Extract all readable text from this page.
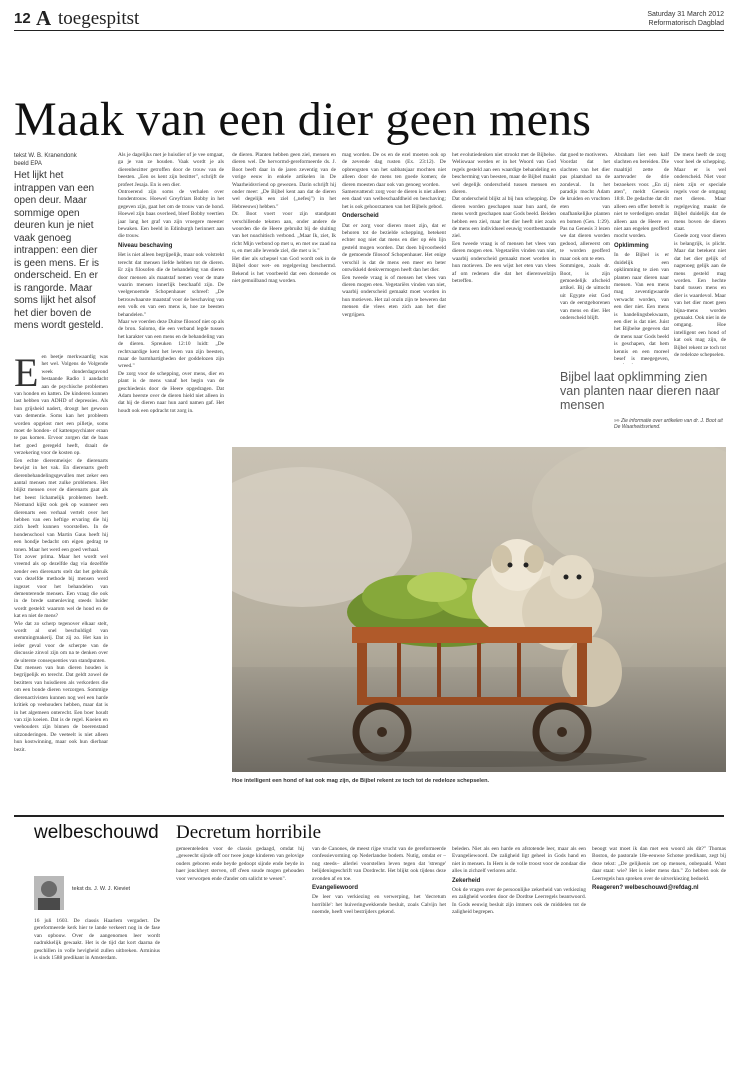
12 A toegespitst	Saturday 31 March 2012
Reformatorisch Dagblad
Maak van een dier geen mens
tekst W. B. Kranendonk
beeld EPA
Het lijkt het intrappen van een open deur. Maar sommige open deuren kun je niet vaak genoeg intrappen: een dier is geen mens. Er is onderscheid. En er is rangorde. Maar soms lijkt het alsof het dier boven de mens wordt gesteld.
E en beetje merkwaardig was het wel. Volgens de Volgende week donderdagavond bestaande Radio 1 aandacht aan de psychische problemen van honden en katten. De kinderen kunnen last hebben van ADHD of depressies. Als hun grijsheid nadert, droogt het gewoon van dementie. Soms kan het probleem worden opgelost met een pilletje, soms moet de honden- of kattenpsychiater eraan te pas komen. Ervoor zorgen dat de baas het goed geregeld heeft, draait de verzekering voor de kosten op.

Een echte dierenmeisje: de dierenarts bewijst in het vak. En dierenarts geeft dierenbehandelingsgevallen met zeker een aantal mensen met zulke problemen. Het blijkt mensen over de dierenarts gaat als het beest lichamelijk problemen heeft. Niemand kijkt ook gek op wanneer een dierenarts een verhaal vertelt over het hebben van een heftige ervaring die hij zich heeft kunnen voorstellen. In de hondenschool van Martin Gaus heeft hij een hondje bedacht om eigen gedrag te tonen. Maar het werd een goed verhaal.

Tot zover prima. Maar het wordt wel vreemd als op dezelfde dag via dezelfde zender een dierenarts stelt dat het gebruik van dezelfde methode bij mensen werd ingezet voor het behandelen van dementerende mensen. Een vraag die ook in de brede samenleving steeds luider wordt gesteld: waarom wel de hond en de kat en niet de mens?

Wie dat zo scherp tegenover elkaar stelt, wordt al snel beschuldigd van stemmingmakerij. Dat zij zo. Het kan in ieder geval voor de scherpte van de discussie zinvol zijn om na te denken over de uiterste consequenties van standpunten.

Dat mensen van hun dieren houden is begrijpelijk en terecht. Dat geldt zowel de bezitters van huisdieren als verkorders die om een bonde dieren verzorgen. Sommige dierenactivisten kunnen nog wel een harde kritiek op veehouders hebben, maar dat is in het algemeen onterecht. Een boer houdt van zijn koeien. Dat is de regel. Koeien en veehouders zijn binnen de boerenstand uitzonderingen. De veeteelt is niet alleen hun kostwinning, maar ook hun dierbaar bezit.

Als je dagelijks met je huisdier of je vee omgaat, ga je van ze houden. Vaak wordt je als dierenbezitter getroffen door de trouw van de beesten. „Een os kent zijn bezitter", schrijft de profeet Jesaja. En is een dier.

Ontroerend zijn soms de verhalen over hondentrouw. Hoewel Greyfriars Bobby in het gegeven zijn, gaat het om de trouw van de hond. Hoewel zijn baas overleed, bleef Bobby veertien jaar lang het graf van zijn vroegere meester bewaken. Een beeld in Edinburgh herinnert aan die trouw.

Niveau beschaving

Het is niet alleen begrijpelijk, maar ook volstrekt terecht dat mensen liefde hebben tot de dieren. Er zijn filosofen die de behandeling van dieren door mensen als maatstaf nemen voor de mate waarin mensen innerlijk beschaafd zijn. De veelgenoemde Schopenhauer schreef: „De betrouwbaarste maatstaf voor de beschaving van een volk en van een mens is, hoe ze beesten behandelen."

Maar we voerden deze Duitse filosoof niet op als de bron. Salomo, die een verband legde tussen het karakter van een mens en de behandeling van de dieren. Spreuken 12:10 luidt: „De rechtvaardige kent het leven van zijn beesten, maar de barmhartigheden der goddelozen zijn wreed."

De zorg voor de schepping, over mens, dier en plant is de mens vanaf het begin van de geschiedenis door de Heere opgedragen. Dat Adam heerste over de dieren hield niet alleen in dat hij de dieren naar hun aard namen gaf. Het houdt ook een opdracht tot zorg in.

de dieren. Planten hebben geen ziel, mensen en dieren wel. De hervormd-gereformeerde ds. J. Boot beeft daar in de jaren zeventig van de vorige eeuw in enkele artikelen in De Waarheidsvriend op gewezen. Darin schrijft hij onder meer: „De Bijbel kent aan dat de dieren wel degelijk een ziel („nefesj") in het Hebreeuws) hebben."

Dr. Boot voert voor zijn standpunt verschillende teksten aan, onder andere de woorden die de Heere gebruikt bij de sluiting van het noachitisch verbond. „Maar Ik, ziet, Ik richt Mijn verbond op met u, en met uw zaad na u, en met alle levende ziel, die met u is."

Het dier als schepsel van God wordt ook in de Bijbel door wet- en regelgeving beschermd. Bekend is het voorbeeld dat een dorsende os niet gemuilband mag worden.

mag worden. De os en de ezel moeten ook op de zevende dag rusten (Ex. 23:12). De opbrengsten van het sabbatsjaar mochten niet alleen door de mens ten goede komen; de dieren moesten daar ook van genoeg worden.

Samenvattend: zorg voor de dieren is niet alleen een daad van welbeschaafdheid en beschaving; het is ook gehoorzamen van het Bijbels gebod.

Onderscheid

Dat er zorg voor dieren moet zijn, dat er behoren tot de bezielde schepping, betekent echter nog niet dat mens en dier op één lijn gesteld mogen worden. Dat doen bijvoorbeeld de gemoende filosoof Schopenhauer. Het enige verschil is dat de mens een meer en beter ontwikkeld denkvermogen heeft dan het dier.

Een tweede vraag is of mensen het vlees van dieren mogen eten. Vegetariërs vinden van niet, waarbij onderscheid gemaakt moet worden in hun motieven. Het zal onzin zijn te beweren dat mensen die vlees eten zich aan het dier vergrijpen.

het evolutiedenken niet strookt met de Bijbelse. Weliswaar werden er in het Woord van God regels gesteld aan een waardige behandeling en bescherming van beesten, maar de Bijbel maakt wel degelijk onderscheid tussen mensen en dieren.

Dat onderscheid blijkt al bij hun schepping. De dieren worden geschapen naar hun aard, de mens wordt geschapen naar Gods beeld. Beiden hebben een ziel, maar het dier heeft niet zoals de mens een individueel eeuwig voortbestaande ziel.

Een tweede vraag is of mensen het vlees van dieren mogen eten. Vegetariërs vinden van niet, waarbij onderscheid gemaakt moet worden in hun motieven. De een wijst het eten van vlees af om redenen die dat het dierenwelzijn betreffen.

dat goed te motiveren.

Voordat dat het slachten van het dier pas plaatshad na de zondeval. In het paradijs mocht Adam de kruiden en vruchten eten van onafhankelijke planten en bomen (Gen. 1:29). Pas na Genesis 3 lezen we dat dieren worden gedood, allereerst om te worden geofferd maar ook om te eten.

Sommigen, zoals dr. Boot, is zijn gemoedelijk afscheid artikel. Bij de uittocht uit Egypte eist God van de eerstgeborenen van mens en dier. Het onderscheid blijft.

Abraham liet een kalf slachten en bereiden. Die maaltijd zette de aartsvader de drie bezoekers voor. „En zij aten", meldt Genesis 18:8. De gedachte dat dit alleen een offer betreft is niet te verdedigen omdat alleen aan de Heere en niet aan engelen geofferd mocht worden.

Opklimming

In de Bijbel is er duidelijk een opklimming te zien van planten naar dieren naar mensen. Van een mens mag zeventigwaarde verwacht worden, van een dier niet. Een mens is handelingsbekwaam, een dier is dat niet. Juist het Bijbelse gegeven dat de mens naar Gods beeld is geschapen, dat hem kennis en een moreel besef is meegegeven,

De mens heeft de zorg voor heel de schepping. Maar er is wel onderscheid. Niet voor niets zijn er speciale regels voor de omgang met dieren. Maar regelgeving maakt de Bijbel duidelijk dat de mens boven de dieren staat.

Goede zorg voor dieren is belangrijk, is plicht. Maar dat betekent niet dat het dier gelijk of nagenoeg gelijk aan de mens gesteld mag worden. Een hechte band tussen mens en dier is waardevol. Maar van het dier moet geen bijna-mens worden gemaakt. Ook niet in de omgang. Hoe intelligent een hond of kat ook mag zijn, de Bijbel rekent ze toch tot de redeloze schepselen.

Bijbel laat opklimming zien van planten naar dieren naar mensen
»» Zie informatie over artikelen van dr. J. Boot uit De Waarheidsvriend.
Hoe intelligent een hond of kat ook mag zijn, de Bijbel rekent ze toch tot de redeloze schepselen.
welbeschouwd Decretum horribile
tekst ds. J. W. J. Kieviet

16 juli 1603. De classis Haarlem vergadert. De gereformeerde kerk hier te lande verkeert nog in de fase van opbouw. Over de aangenomen leer wordt nadrukkelijk gewaakt. Het is de tijd dat kort daarna de geschillen in volle hevigheid zullen uitbreken. Arminius is sinds 1588 predikant in Amsterdam.

gemeenteleden voor de classis gedaagd, omdat hij „geweecht sijnde off oor twee jonge kinderen van gelovige ouders geboren ende beyde gedoopt sijnde ende beyde in haer jonckheyt sterven, off d'een soude mogen gehouden voor verworpen ende d'ander om salicht te wesen".

van de Canones, de meest rijpe vrucht van de gereformeerde confessievorming op Nederlandse bodem. Nutig, omdat er –nog steeds– allerlei voorstellen leven tegen dat 'strenge' belijdenisgeschrift van Dordrecht. Het blijkt ook tijdens deze avonden af en toe.

Evangeliewoord

De leer van verkiezing en verwerping, het 'decretum horribile': het huiveringwekkende besluit, zoals Calvijn het noemde, heeft veel bestrijders gekend.

beleden. Niet als een harde en afstotende leer, maar als een Evangeliewoord. De zaligheid ligt geheel in Gods hand en niet in mensen. In Hem is de volle troost voor de zondaar die alles in zichzelf verloren acht.

Zekerheid

Ook de vragen over de persoonlijke zekerheid van verkiezing en zaligheid worden door de Dordtse Leerregels beantwoord. In Gods eeuwig besluit zijn immers ook de middelen tot de zaligheid begrepen.

beoogt wat moet ik dan met een woord als dit?" Thomas Boston, de pastorale 18e-eeuwse Schotse predikant, zegt bij deze tekst: „De gelijkenis zet op mensen, onbepaald. Want daar staat: wie? Het is ieder mens dan." Zo hebben ook de Leerregels hun spreken over de uitverkiezing bedoeld.

Reageren? welbeschouwd@refdag.nl
